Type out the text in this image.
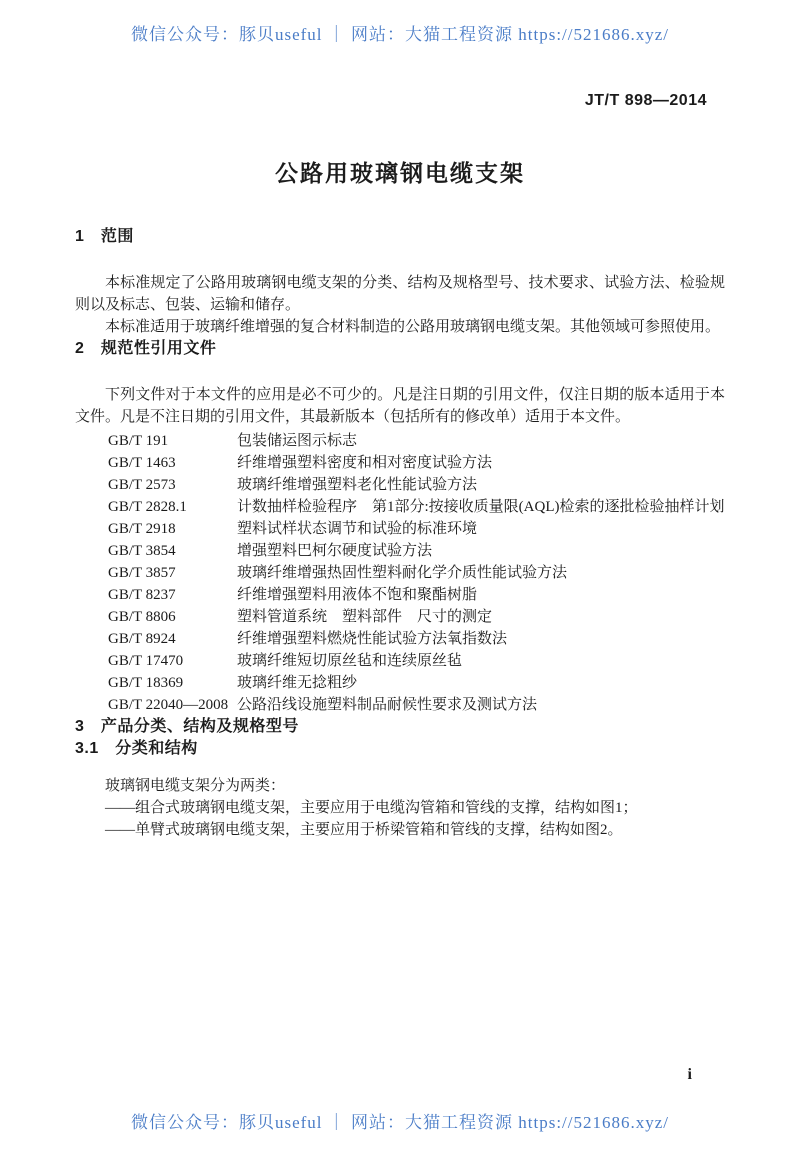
微信公众号：豚贝useful ｜ 网站：大猫工程资源 https://521686.xyz/
JT/T 898—2014
公路用玻璃钢电缆支架
1　范围

本标准规定了公路用玻璃钢电缆支架的分类、结构及规格型号、技术要求、试验方法、检验规则以及标志、包装、运输和储存。

本标准适用于玻璃纤维增强的复合材料制造的公路用玻璃钢电缆支架。其他领域可参照使用。

2　规范性引用文件

下列文件对于本文件的应用是必不可少的。凡是注日期的引用文件，仅注日期的版本适用于本文件。凡是不注日期的引用文件，其最新版本（包括所有的修改单）适用于本文件。

GB/T 191	包装储运图示标志
GB/T 1463	纤维增强塑料密度和相对密度试验方法
GB/T 2573	玻璃纤维增强塑料老化性能试验方法
GB/T 2828.1	计数抽样检验程序　第1部分:按接收质量限(AQL)检索的逐批检验抽样计划
GB/T 2918	塑料试样状态调节和试验的标准环境
GB/T 3854	增强塑料巴柯尔硬度试验方法
GB/T 3857	玻璃纤维增强热固性塑料耐化学介质性能试验方法
GB/T 8237	纤维增强塑料用液体不饱和聚酯树脂
GB/T 8806	塑料管道系统　塑料部件　尺寸的测定
GB/T 8924	纤维增强塑料燃烧性能试验方法氧指数法
GB/T 17470	玻璃纤维短切原丝毡和连续原丝毡
GB/T 18369	玻璃纤维无捻粗纱
GB/T 22040—2008 公路沿线设施塑料制品耐候性要求及测试方法
3　产品分类、结构及规格型号
3.1　分类和结构

玻璃钢电缆支架分为两类：

——组合式玻璃钢电缆支架，主要应用于电缆沟管箱和管线的支撑，结构如图1；

——单臂式玻璃钢电缆支架，主要应用于桥梁管箱和管线的支撑，结构如图2。

i
微信公众号：豚贝useful ｜ 网站：大猫工程资源 https://521686.xyz/
